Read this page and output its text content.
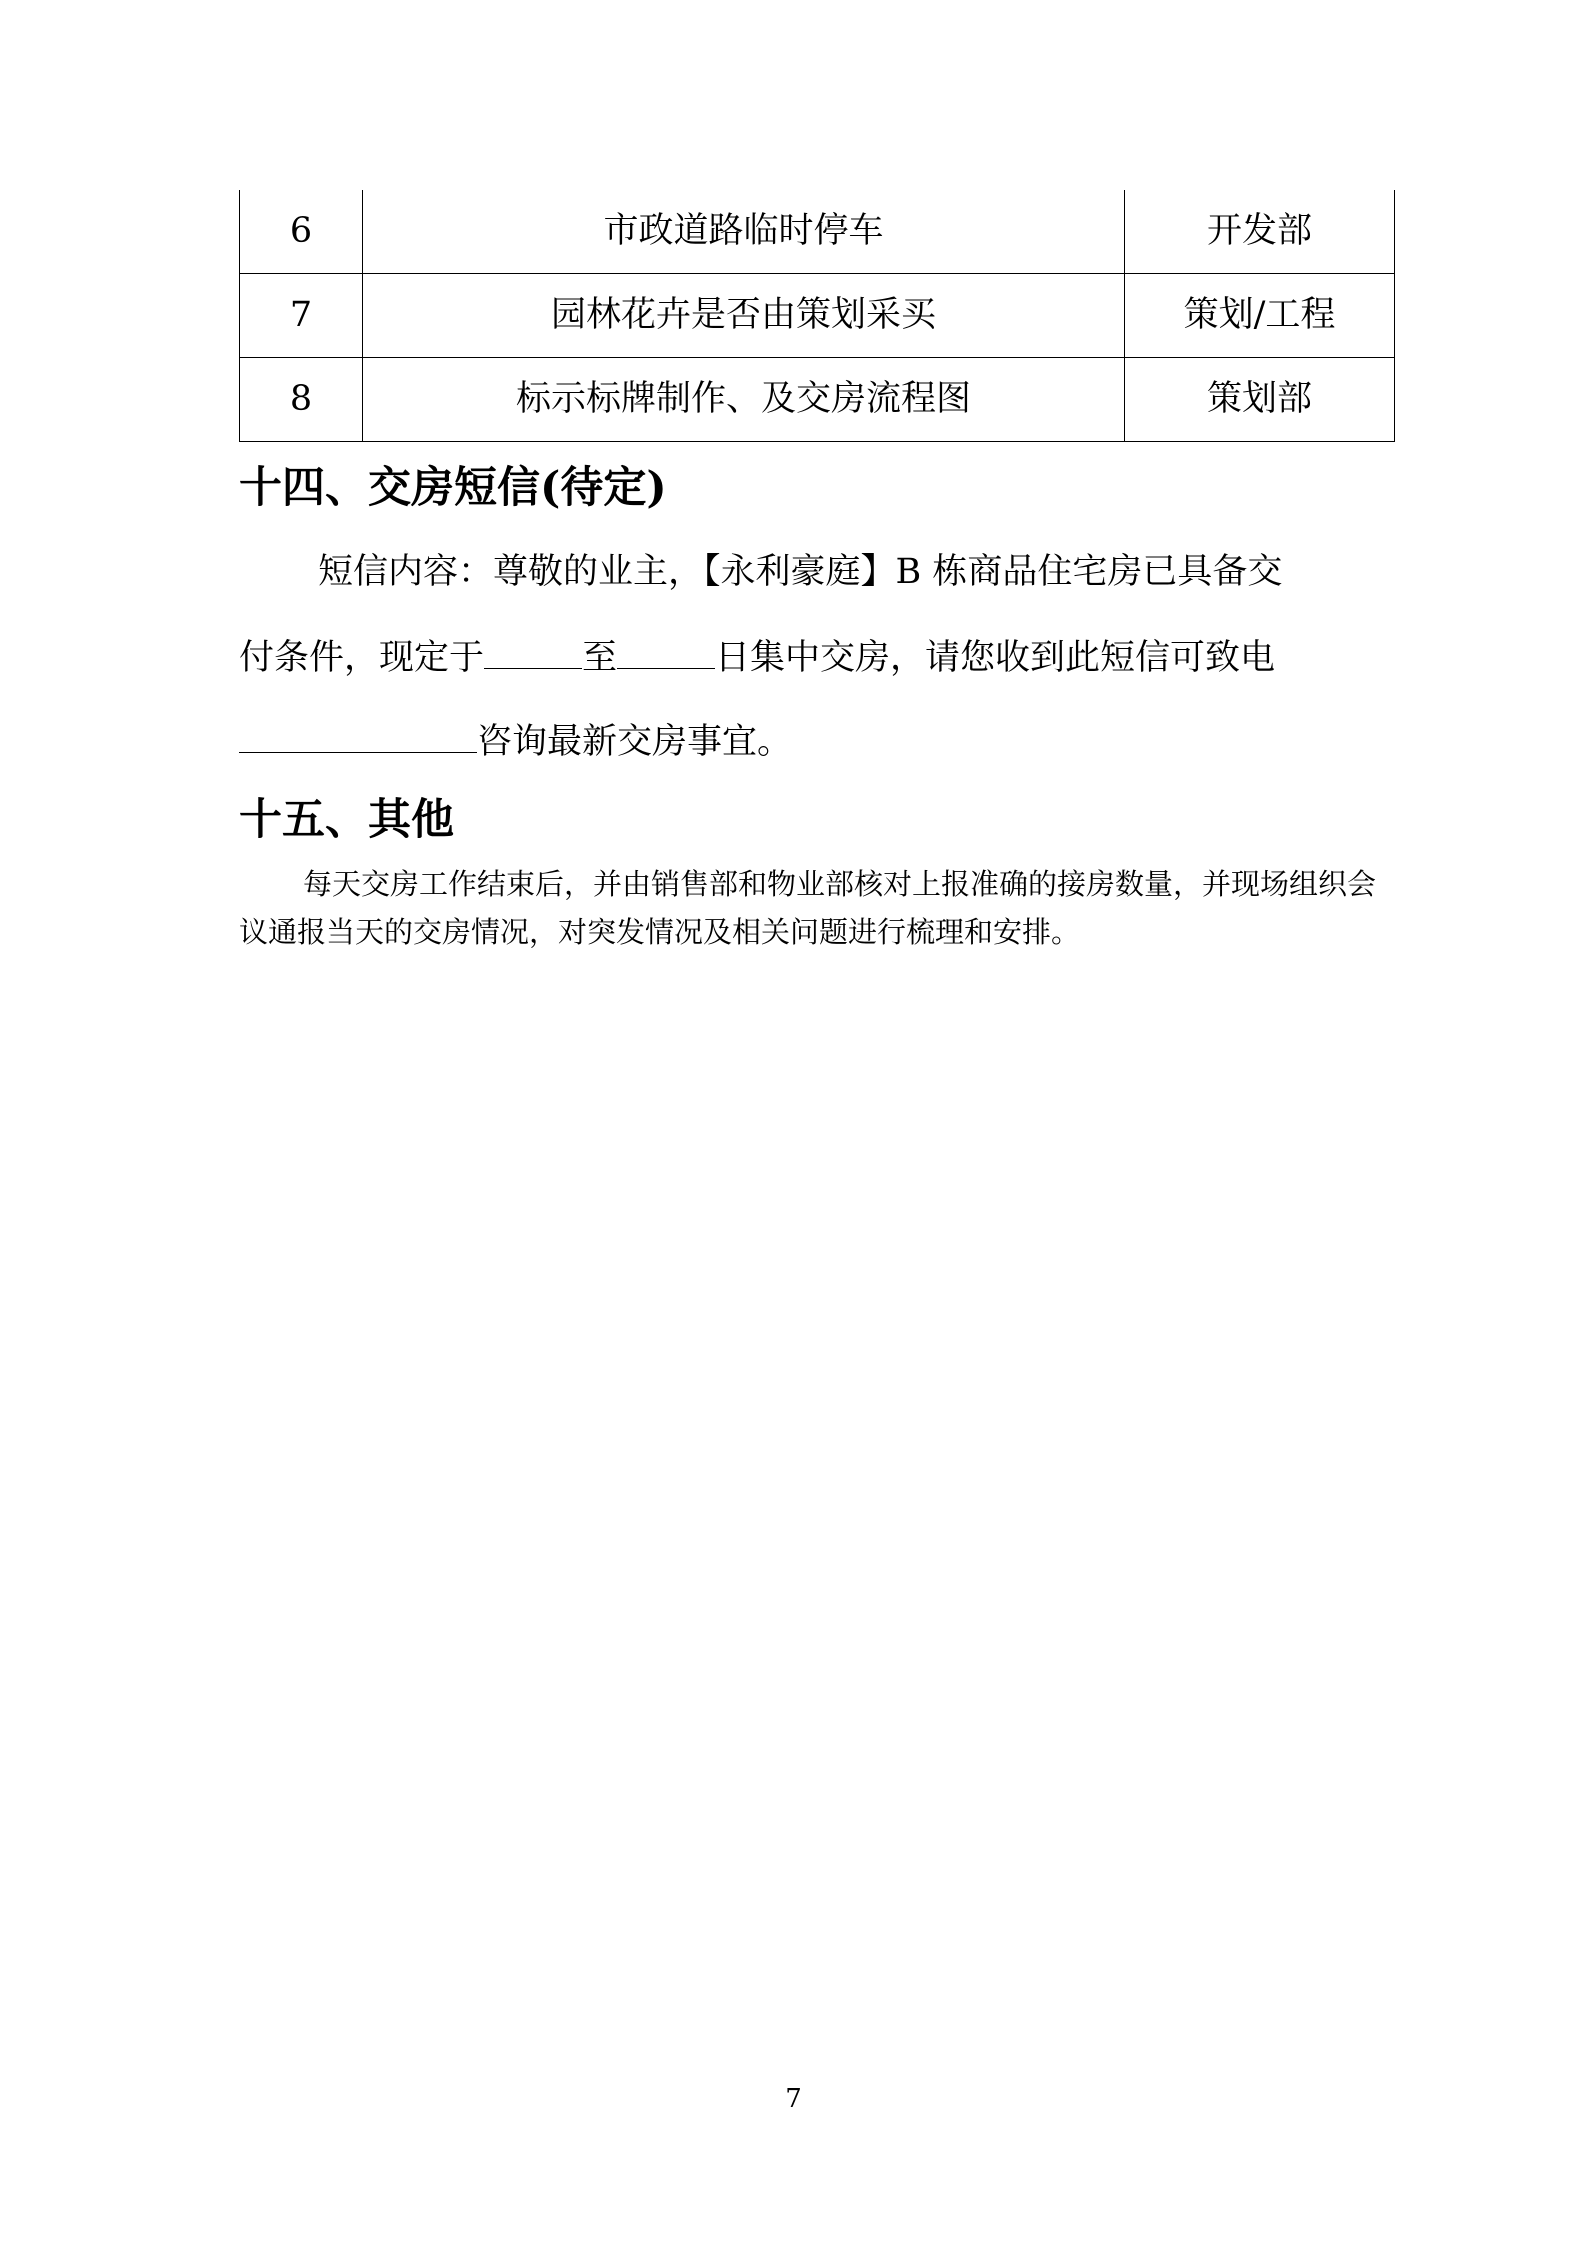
6	市政道路临时停车	开发部
7	园林花卉是否由策划采买	策划/工程
8	标示标牌制作、及交房流程图	策划部
十四、交房短信(待定)

短信内容：尊敬的业主，【永利豪庭】B 栋商品住宅房已具备交

付条件，现定于	至	日集中交房，请您收到此短信可致电

咨询最新交房事宜。

十五、其他

每天交房工作结束后，并由销售部和物业部核对上报准确的接房数量，并现场组织会议通报当天的交房情况，对突发情况及相关问题进行梳理和安排。

7
